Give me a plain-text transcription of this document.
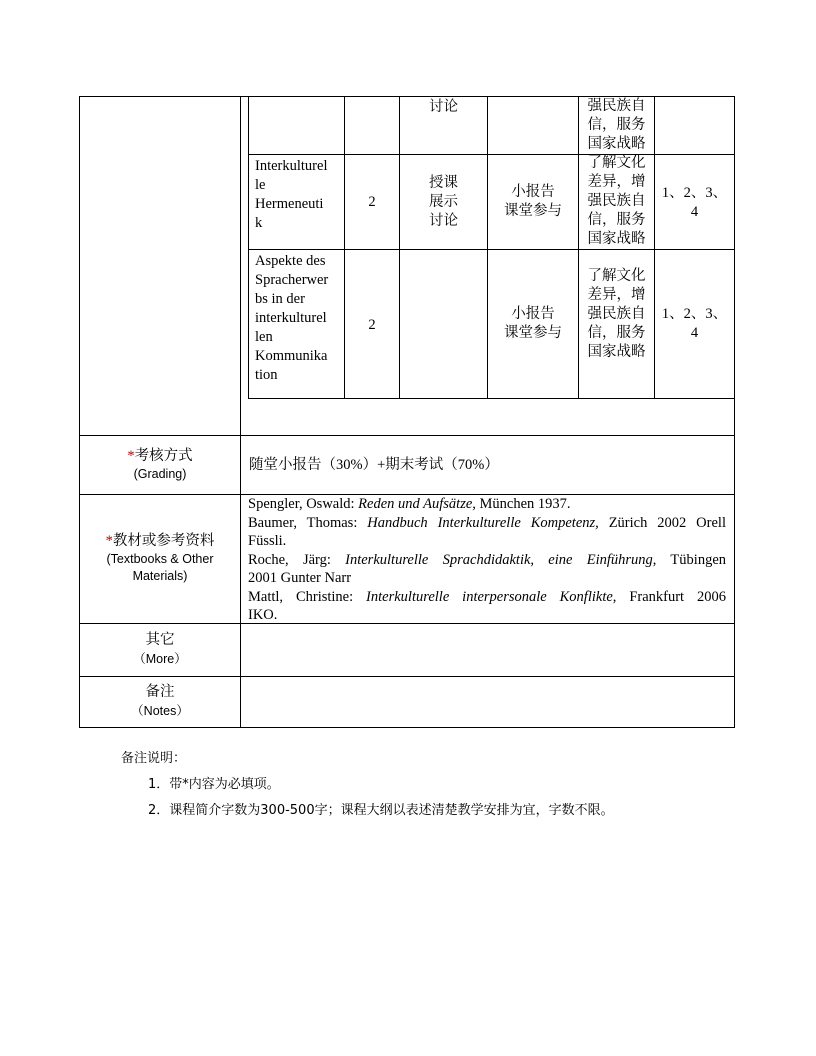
讨论	强民族自
信，服务
国家战略
Interkulturel
le
Hermeneuti
k
2
授课
展示
讨论
小报告
课堂参与
了解文化
差异，增
强民族自
信，服务
国家战略
1、2、3、
4
Aspekte des
Spracherwer
bs in der
interkulturel
len
Kommunika
tion
2
小报告
课堂参与
了解文化
差异，增
强民族自
信，服务
国家战略
1、2、3、
4
*考核方式
(Grading)
随堂小报告（30%）+期末考试（70%）
*教材或参考资料
(Textbooks & Other Materials)
Spengler, Oswald: Reden und Aufsätze, München 1937.
Baumer, Thomas: Handbuch Interkulturelle Kompetenz, Zürich 2002 Orell
Füssli.
Roche, Järg: Interkulturelle Sprachdidaktik, eine Einführung, Tübingen
2001 Gunter Narr
Mattl, Christine: Interkulturelle interpersonale Konflikte, Frankfurt 2006
IKO.
其它
（More）
备注
（Notes）
备注说明：
1．带*内容为必填项。
2．课程简介字数为300-500字；课程大纲以表述清楚教学安排为宜，字数不限。
